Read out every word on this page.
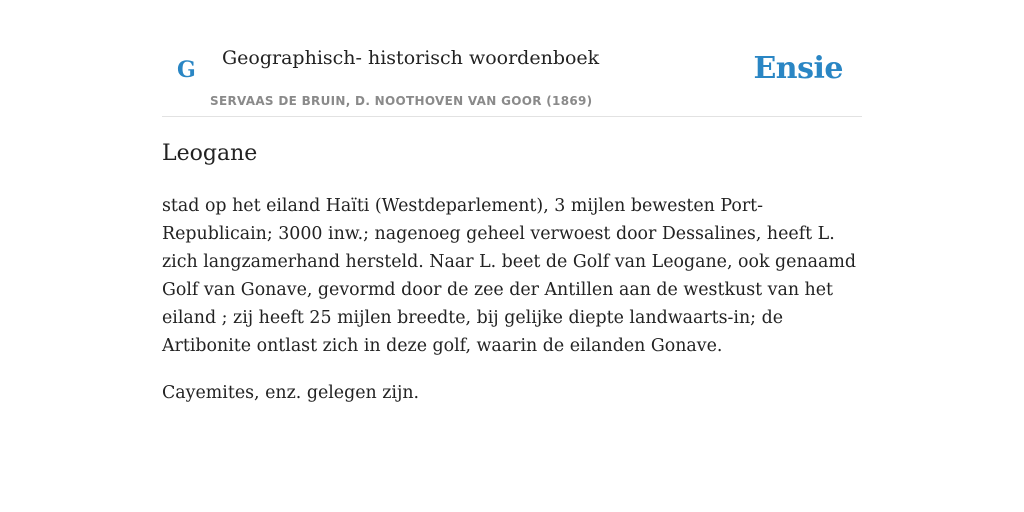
G Geographisch- historisch woordenboek
SERVAAS DE BRUIN, D. NOOTHOVEN VAN GOOR (1869)
Ensie
Leogane

stad op het eiland Haïti (Westdeparlement), 3 mijlen bewesten Port-Republicain; 3000 inw.; nagenoeg geheel verwoest door Dessalines, heeft L. zich langzamerhand hersteld. Naar L. beet de Golf van Leogane, ook genaamd Golf van Gonave, gevormd door de zee der Antillen aan de westkust van het eiland ; zij heeft 25 mijlen breedte, bij gelijke diepte landwaarts-in; de Artibonite ontlast zich in deze golf, waarin de eilanden Gonave.

Cayemites, enz. gelegen zijn.
